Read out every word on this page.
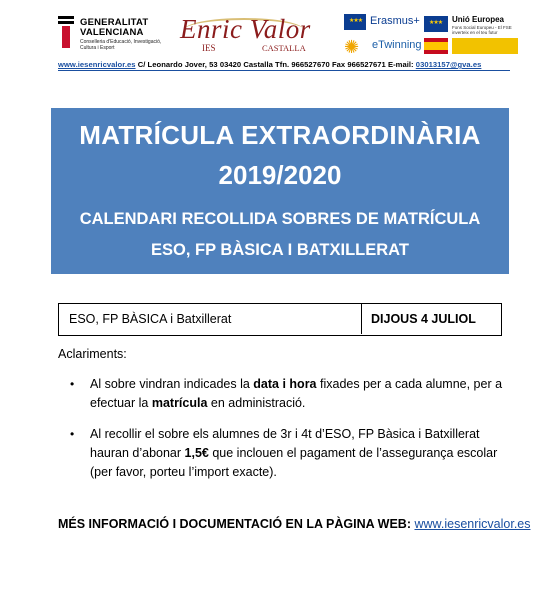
GENERALITAT
VALENCIANA
Conselleria d'Educació, Investigació, Cultura i Esport
Enric Valor
IES	CASTALLA
★★★ Erasmus+
✺	eTwinning
★★★ Unió Europea
Fons Social Europeu - El FSE inverteix en el teu futur
www.iesenricvalor.es C/ Leonardo Jover, 53 03420 Castalla Tfn. 966527670 Fax 966527671 E-mail: 03013157@gva.es
MATRÍCULA EXTRAORDINÀRIA
2019/2020
CALENDARI RECOLLIDA SOBRES DE MATRÍCULA
ESO, FP BÀSICA I BATXILLERAT
ESO, FP BÀSICA i Batxillerat	DIJOUS 4 JULIOL
Aclariments:
• Al sobre vindran indicades la data i hora fixades per a cada alumne, per a efectuar la matrícula en administració.
• Al recollir el sobre els alumnes de 3r i 4t d’ESO, FP Bàsica i Batxillerat hauran d’abonar 1,5€ que inclouen el pagament de l’assegurança escolar (per favor, porteu l’import exacte).
MÉS INFORMACIÓ I DOCUMENTACIÓ EN LA PÀGINA WEB: www.iesenricvalor.es
